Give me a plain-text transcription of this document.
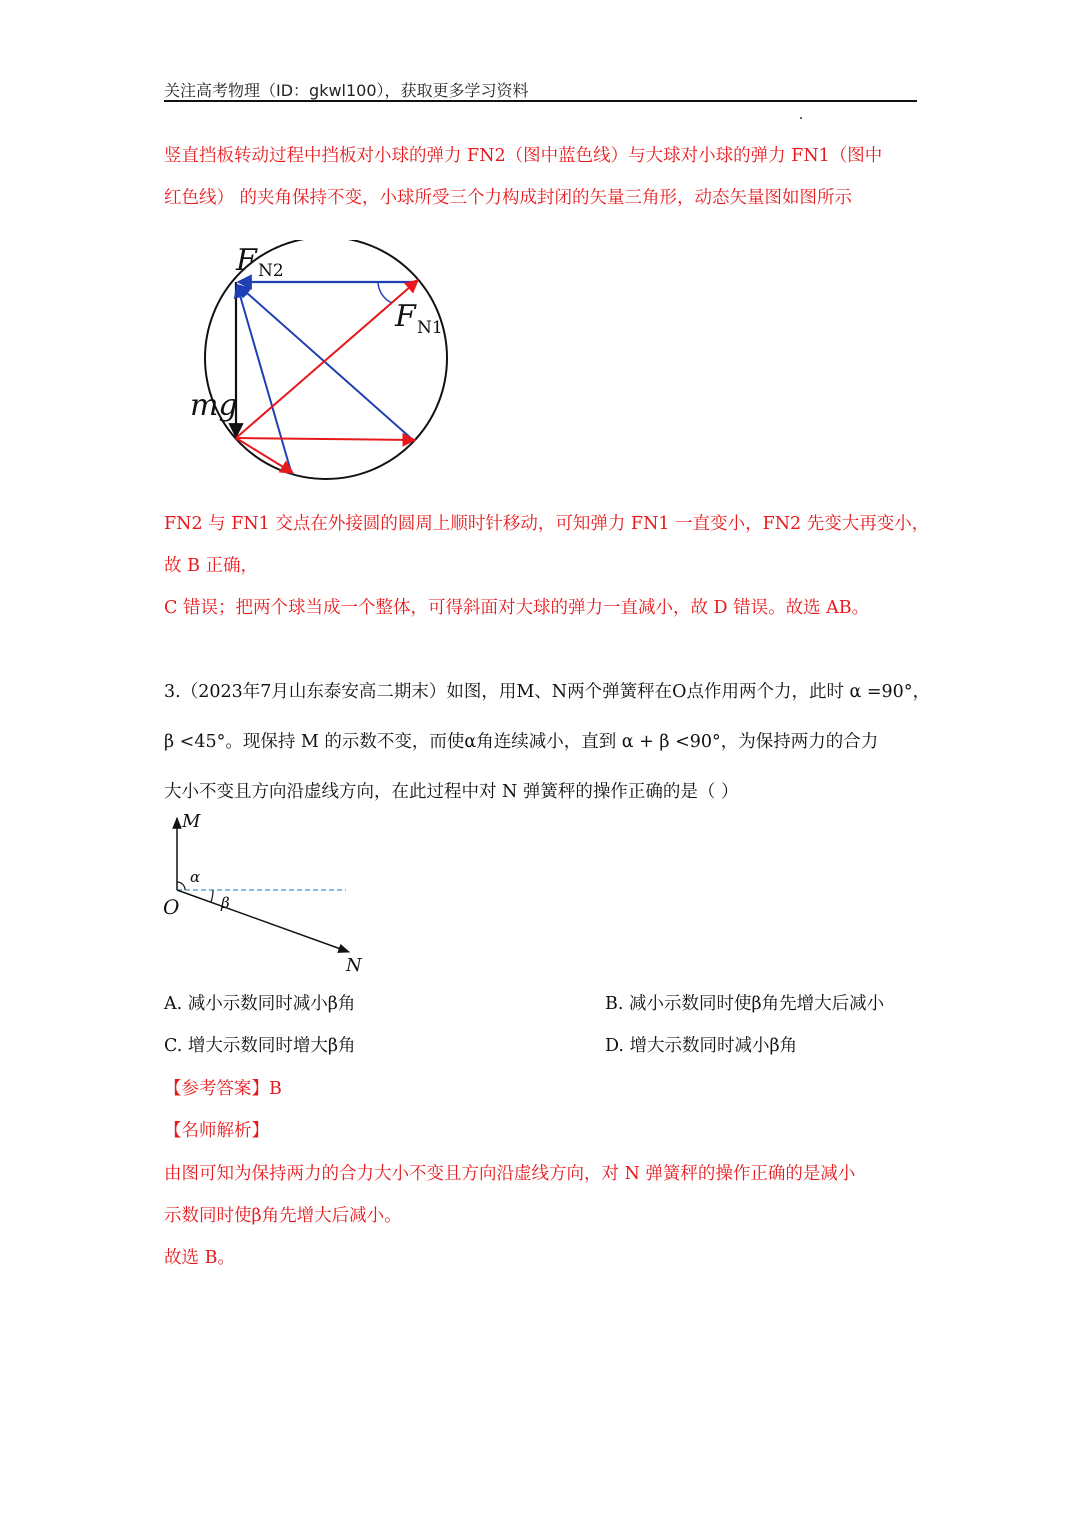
关注高考物理（ID：gkwl100），获取更多学习资料
竖直挡板转动过程中挡板对小球的弹力 FN2（图中蓝色线）与大球对小球的弹力 FN1（图中
红色线） 的夹角保持不变，小球所受三个力构成封闭的矢量三角形，动态矢量图如图所示
F N2
F N1
mg
FN2 与 FN1 交点在外接圆的圆周上顺时针移动，可知弹力 FN1 一直变小，FN2 先变大再变小，
故 B 正确，
C 错误；把两个球当成一个整体，可得斜面对大球的弹力一直减小，故 D 错误。故选 AB。
3.（2023年7月山东泰安高二期末）如图，用M、N两个弹簧秤在O点作用两个力，此时 α =90°，
β <45°。现保持 M 的示数不变，而使α角连续减小，直到 α + β <90°，为保持两力的合力
大小不变且方向沿虚线方向，在此过程中对 N 弹簧秤的操作正确的是（ ）
M
α
O	β
N
A. 减小示数同时减小β角	B. 减小示数同时使β角先增大后减小
C. 增大示数同时增大β角	D. 增大示数同时减小β角
【参考答案】B
【名师解析】
由图可知为保持两力的合力大小不变且方向沿虚线方向，对 N 弹簧秤的操作正确的是减小
示数同时使β角先增大后减小。
故选 B。
